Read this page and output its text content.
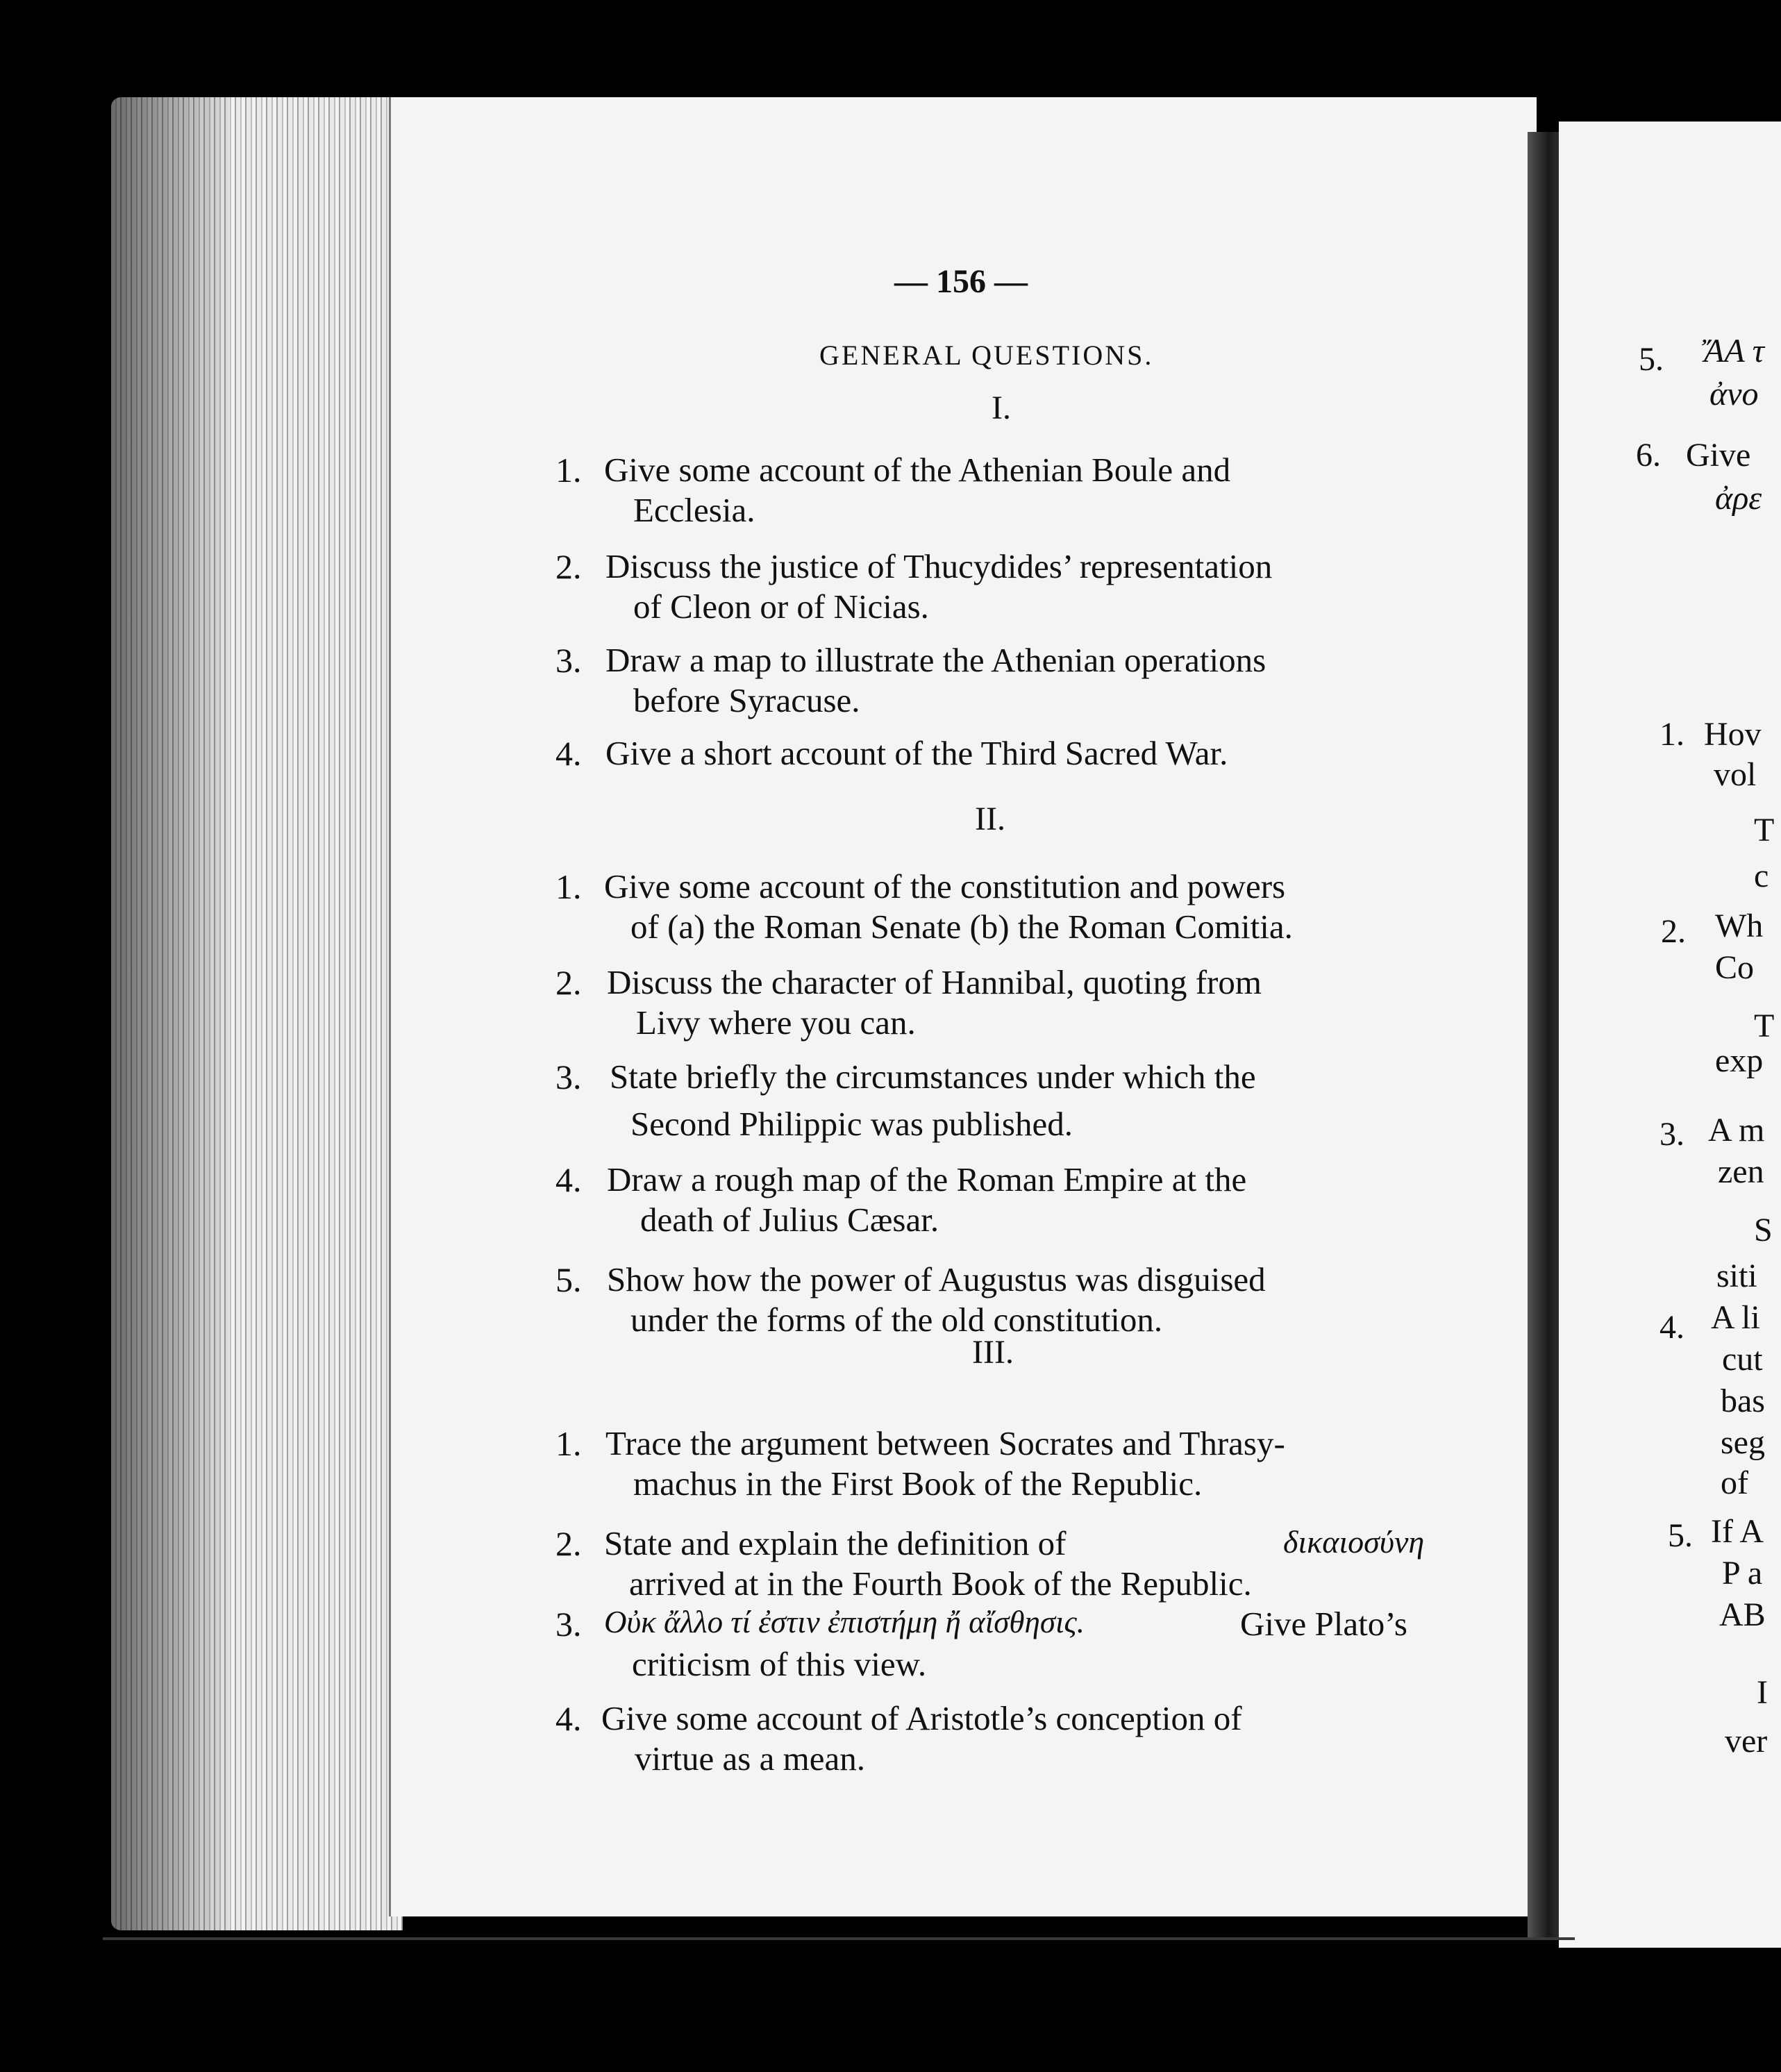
— 156 —
GENERAL QUESTIONS.
I.
1. Give some account of the Athenian Boule and
Ecclesia.
2. Discuss the justice of Thucydides’ representation
of Cleon or of Nicias.
3. Draw a map to illustrate the Athenian operations
before Syracuse.
4. Give a short account of the Third Sacred War.
II.
1. Give some account of the constitution and powers
of (a) the Roman Senate (b) the Roman Comitia.
2. Discuss the character of Hannibal, quoting from
Livy where you can.
3. State briefly the circumstances under which the
Second Philippic was published.
4. Draw a rough map of the Roman Empire at the
death of Julius Cæsar.
5. Show how the power of Augustus was disguised
under the forms of the old constitution.
III.
1. Trace the argument between Socrates and Thrasy-
machus in the First Book of the Republic.
2. State and explain the definition of	δικαιοσύνη
arrived at in the Fourth Book of the Republic.
3. Οὐκ ἄλλο τί ἐστιν ἐπιστήμη ἤ αἴσθησις.	Give Plato’s
criticism of this view.
4. Give some account of Aristotle’s conception of
virtue as a mean.
5. ἌΑ τ
ἀνο
6. Give
ἀρε
1. Hov
vol
T
c
2. Wh
Co
T
exp
3. A m
zen
S
siti
4. A li
cut
bas
seg
of
5. If A
P a
AB
I
ver
